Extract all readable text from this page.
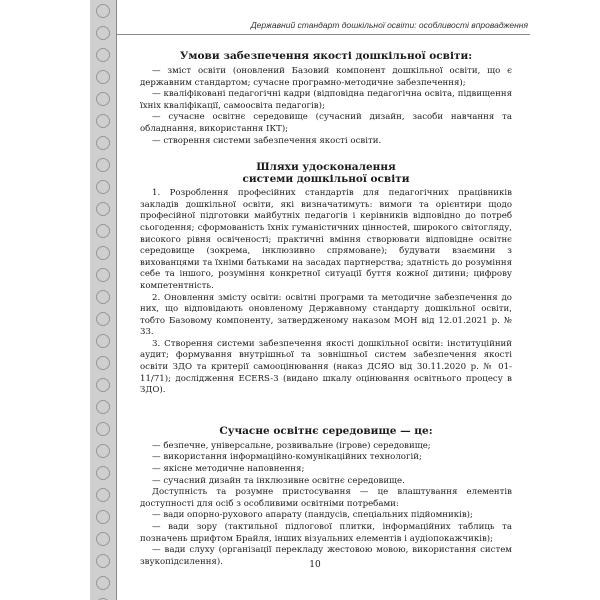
Державний стандарт дошкільної освіти: особливості впровадження
Умови забезпечення якості дошкільної освіти:

— зміст освіти (оновлений Базовий компонент дошкільної освіти, що є державним стандартом; сучасне програмно-методичне забезпечення);

— кваліфіковані педагогічні кадри (відповідна педагогічна освіта, підвищення їхніх кваліфікації, самоосвіта педагогів);

— сучасне освітнє середовище (сучасний дизайн, засоби навчання та обладнання, використання ІКТ);

— створення системи забезпечення якості освіти.

Шляхи удосконалення
системи дошкільної освіти

1. Розроблення професійних стандартів для педагогічних працівників закладів дошкільної освіти, які визначатимуть: вимоги та орієнтири щодо професійної підготовки майбутніх педагогів і керівників відповідно до потреб сьогодення; сформованість їхніх гуманістичних цінностей, широкого світогляду, високого рівня освіченості; практичні вміння створювати відповідне освітнє середовище (зокрема, інклюзивно спрямоване); будувати взаємини з вихованцями та їхніми батьками на засадах партнерства; здатність до розуміння себе та іншого, розуміння конкретної ситуації буття кожної дитини; цифрову компетентність.

2. Оновлення змісту освіти: освітні програми та методичне забезпечення до них, що відповідають оновленому Державному стандарту дошкільної освіти, тобто Базовому компоненту, затвердженому наказом МОН від 12.01.2021 р. № 33.

3. Створення системи забезпечення якості дошкільної освіти: інституційний аудит; формування внутрішньої та зовнішньої систем забезпечення якості освіти ЗДО та критерії самооцінювання (наказ ДСЯО від 30.11.2020 р. № 01-11/71); дослідження ECERS-3 (видано шкалу оцінювання освітнього процесу в ЗДО).

Сучасне освітнє середовище — це:

— безпечне, універсальне, розвивальне (ігрове) середовище;

— використання інформаційно-комунікаційних технологій;

— якісне методичне наповнення;

— сучасний дизайн та інклюзивне освітнє середовище.

Доступність та розумне пристосування — це влаштування елементів доступності для осіб з особливими освітніми потребами:

— вади опорно-рухового апарату (пандусів, спеціальних підйомників);

— вади зору (тактильної підлогової плитки, інформаційних таблиць та позначень шрифтом Брайля, інших візуальних елементів і аудіопокажчиків);

— вади слуху (організації перекладу жестовою мовою, використання систем звукопідсилення).	10
